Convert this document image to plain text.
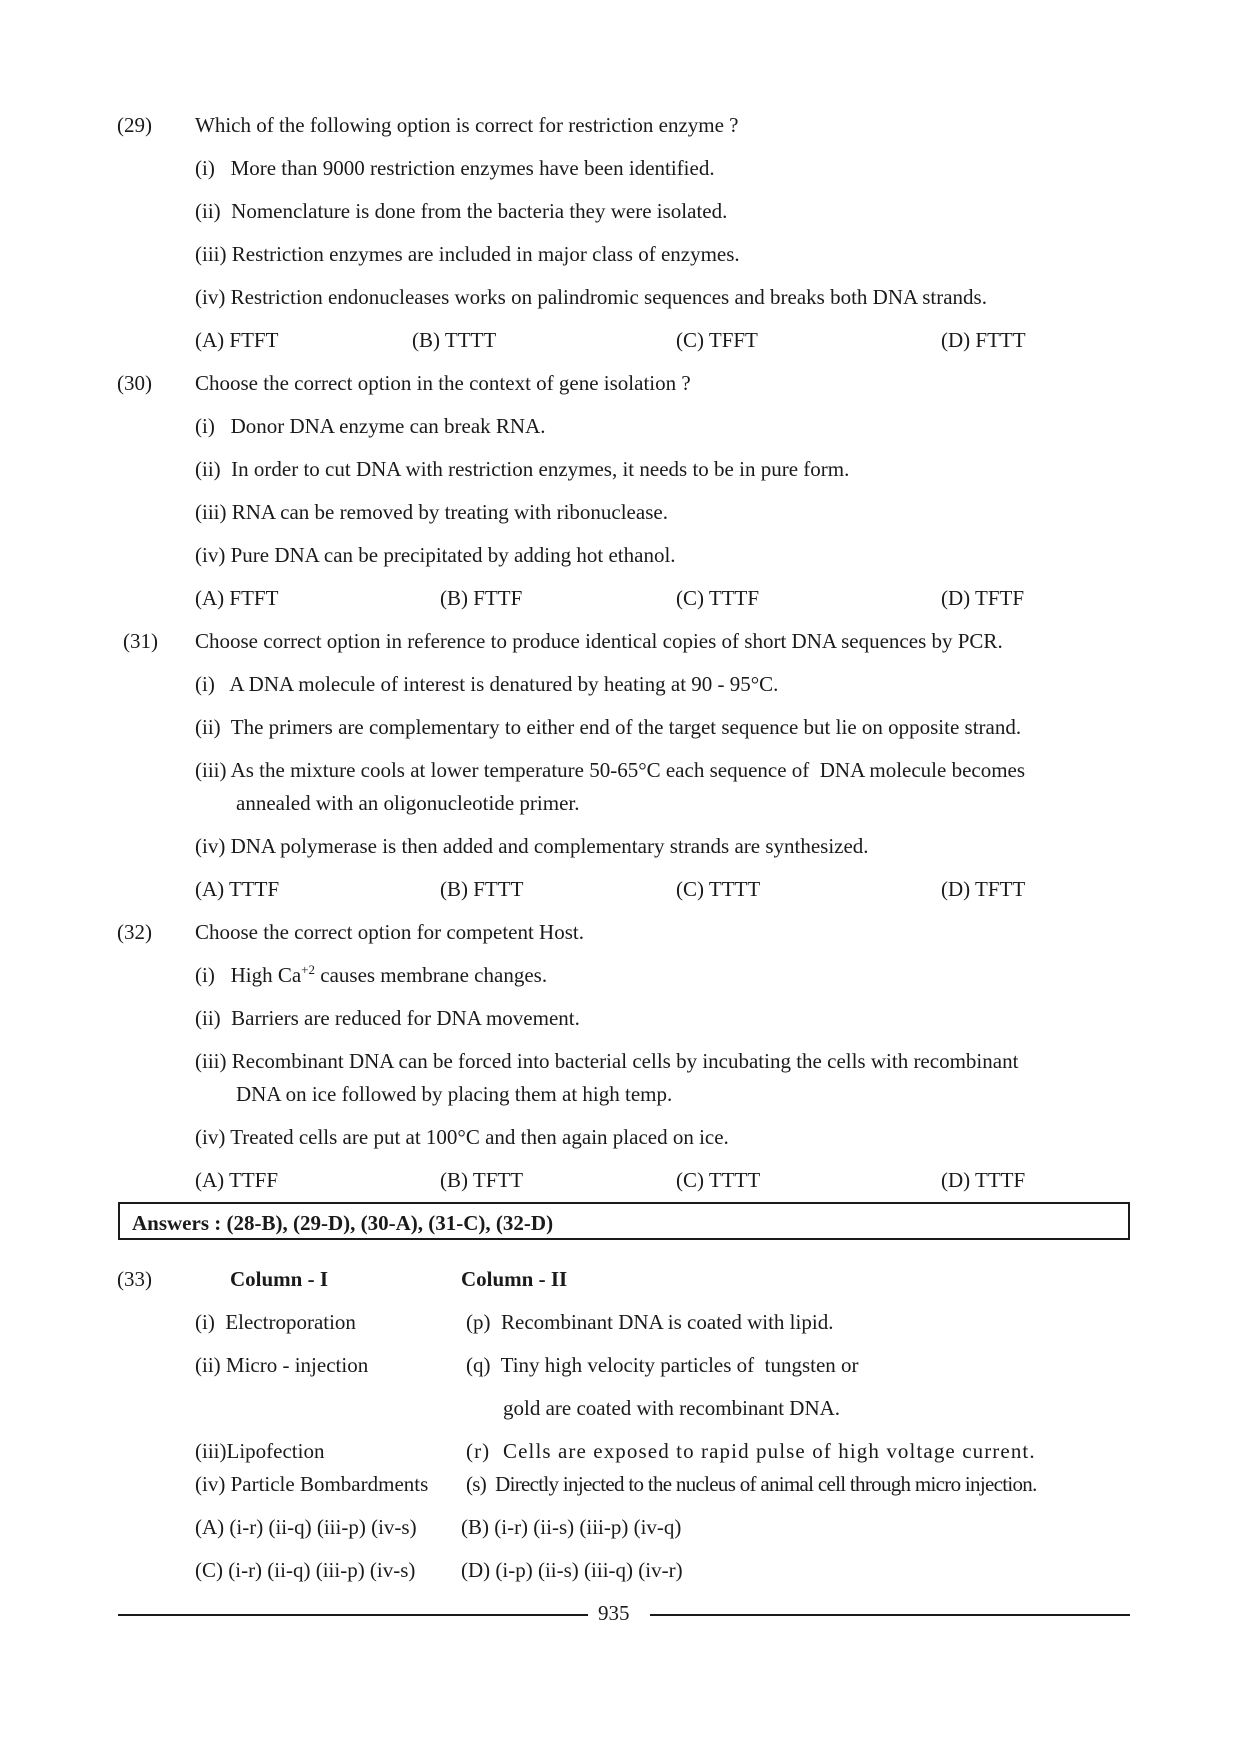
(29) Which of the following option is correct for restriction enzyme ?
(i)   More than 9000 restriction enzymes have been identified.
(ii)  Nomenclature is done from the bacteria they were isolated.
(iii) Restriction enzymes are included in major class of enzymes.
(iv) Restriction endonucleases works on palindromic sequences and breaks both DNA strands.
(A) FTFT	(B) TTTT	(C) TFFT	(D) FTTT
(30) Choose the correct option in the context of gene isolation ?
(i)   Donor DNA enzyme can break RNA.
(ii)  In order to cut DNA with restriction enzymes, it needs to be in pure form.
(iii) RNA can be removed by treating with ribonuclease.
(iv) Pure DNA can be precipitated by adding hot ethanol.
(A) FTFT	(B) FTTF	(C) TTTF	(D) TFTF
(31) Choose correct option in reference to produce identical copies of short DNA sequences by PCR.
(i)   A DNA molecule of interest is denatured by heating at 90 - 95°C.
(ii)  The primers are complementary to either end of the target sequence but lie on opposite strand.
(iii) As the mixture cools at lower temperature 50-65°C each sequence of  DNA molecule becomes
annealed with an oligonucleotide primer.
(iv) DNA polymerase is then added and complementary strands are synthesized.
(A) TTTF	(B) FTTT	(C) TTTT	(D) TFTT
(32) Choose the correct option for competent Host.
(i)   High $Ca^{+2}$ causes membrane changes.
(ii)  Barriers are reduced for DNA movement.
(iii) Recombinant DNA can be forced into bacterial cells by incubating the cells with recombinant
DNA on ice followed by placing them at high temp.
(iv) Treated cells are put at 100°C and then again placed on ice.
(A) TTFF	(B) TFTT	(C) TTTT	(D) TTTF
Answers : (28-B), (29-D), (30-A), (31-C), (32-D)
(33)	Column - I	Column - II
(i)  Electroporation	(p)  Recombinant DNA is coated with lipid.
(ii) Micro - injection	(q)  Tiny high velocity particles of  tungsten or
gold are coated with recombinant DNA.
(iii)Lipofection	(r)  Cells are exposed to rapid pulse of high voltage current.
(iv) Particle Bombardments (s)  Directly injected to the nucleus of animal cell through micro injection.
(A) (i-r) (ii-q) (iii-p) (iv-s) (B) (i-r) (ii-s) (iii-p) (iv-q)
(C) (i-r) (ii-q) (iii-p) (iv-s) (D) (i-p) (ii-s) (iii-q) (iv-r)
935
